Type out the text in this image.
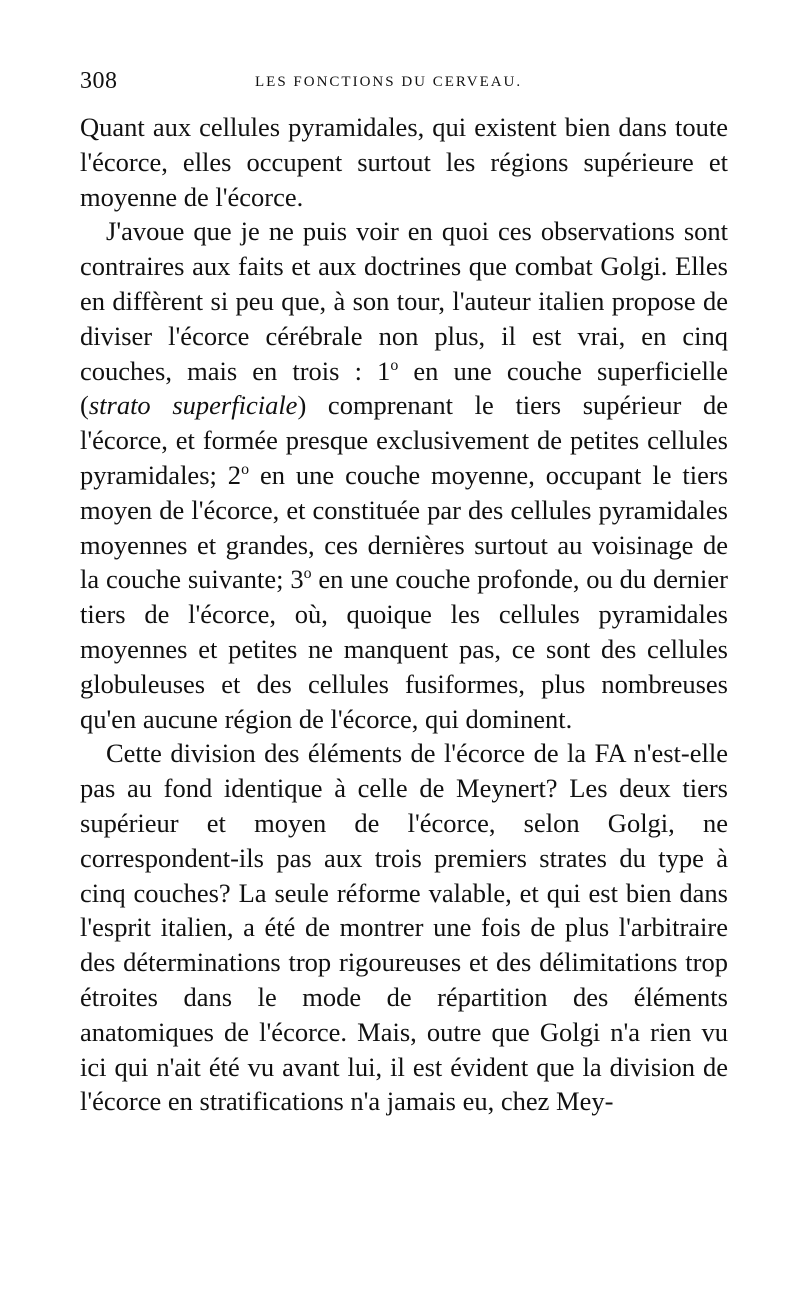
308	LES FONCTIONS DU CERVEAU.

Quant aux cellules pyramidales, qui existent bien dans toute l'écorce, elles occupent surtout les régions supérieure et moyenne de l'écorce.

J'avoue que je ne puis voir en quoi ces observations sont contraires aux faits et aux doctrines que combat Golgi. Elles en diffèrent si peu que, à son tour, l'auteur italien propose de diviser l'écorce cérébrale non plus, il est vrai, en cinq couches, mais en trois : 1$^o$ en une couche superficielle (strato superficiale) comprenant le tiers supérieur de l'écorce, et formée presque exclusivement de petites cellules pyramidales; 2$^o$ en une couche moyenne, occupant le tiers moyen de l'écorce, et constituée par des cellules pyramidales moyennes et grandes, ces dernières surtout au voisinage de la couche suivante; 3$^o$ en une couche profonde, ou du dernier tiers de l'écorce, où, quoique les cellules pyramidales moyennes et petites ne manquent pas, ce sont des cellules globuleuses et des cellules fusiformes, plus nombreuses qu'en aucune région de l'écorce, qui dominent.

Cette division des éléments de l'écorce de la FA n'est-elle pas au fond identique à celle de Meynert? Les deux tiers supérieur et moyen de l'écorce, selon Golgi, ne correspondent-ils pas aux trois premiers strates du type à cinq couches? La seule réforme valable, et qui est bien dans l'esprit italien, a été de montrer une fois de plus l'arbitraire des déterminations trop rigoureuses et des délimitations trop étroites dans le mode de répartition des éléments anatomiques de l'écorce. Mais, outre que Golgi n'a rien vu ici qui n'ait été vu avant lui, il est évident que la division de l'écorce en stratifications n'a jamais eu, chez Mey-
